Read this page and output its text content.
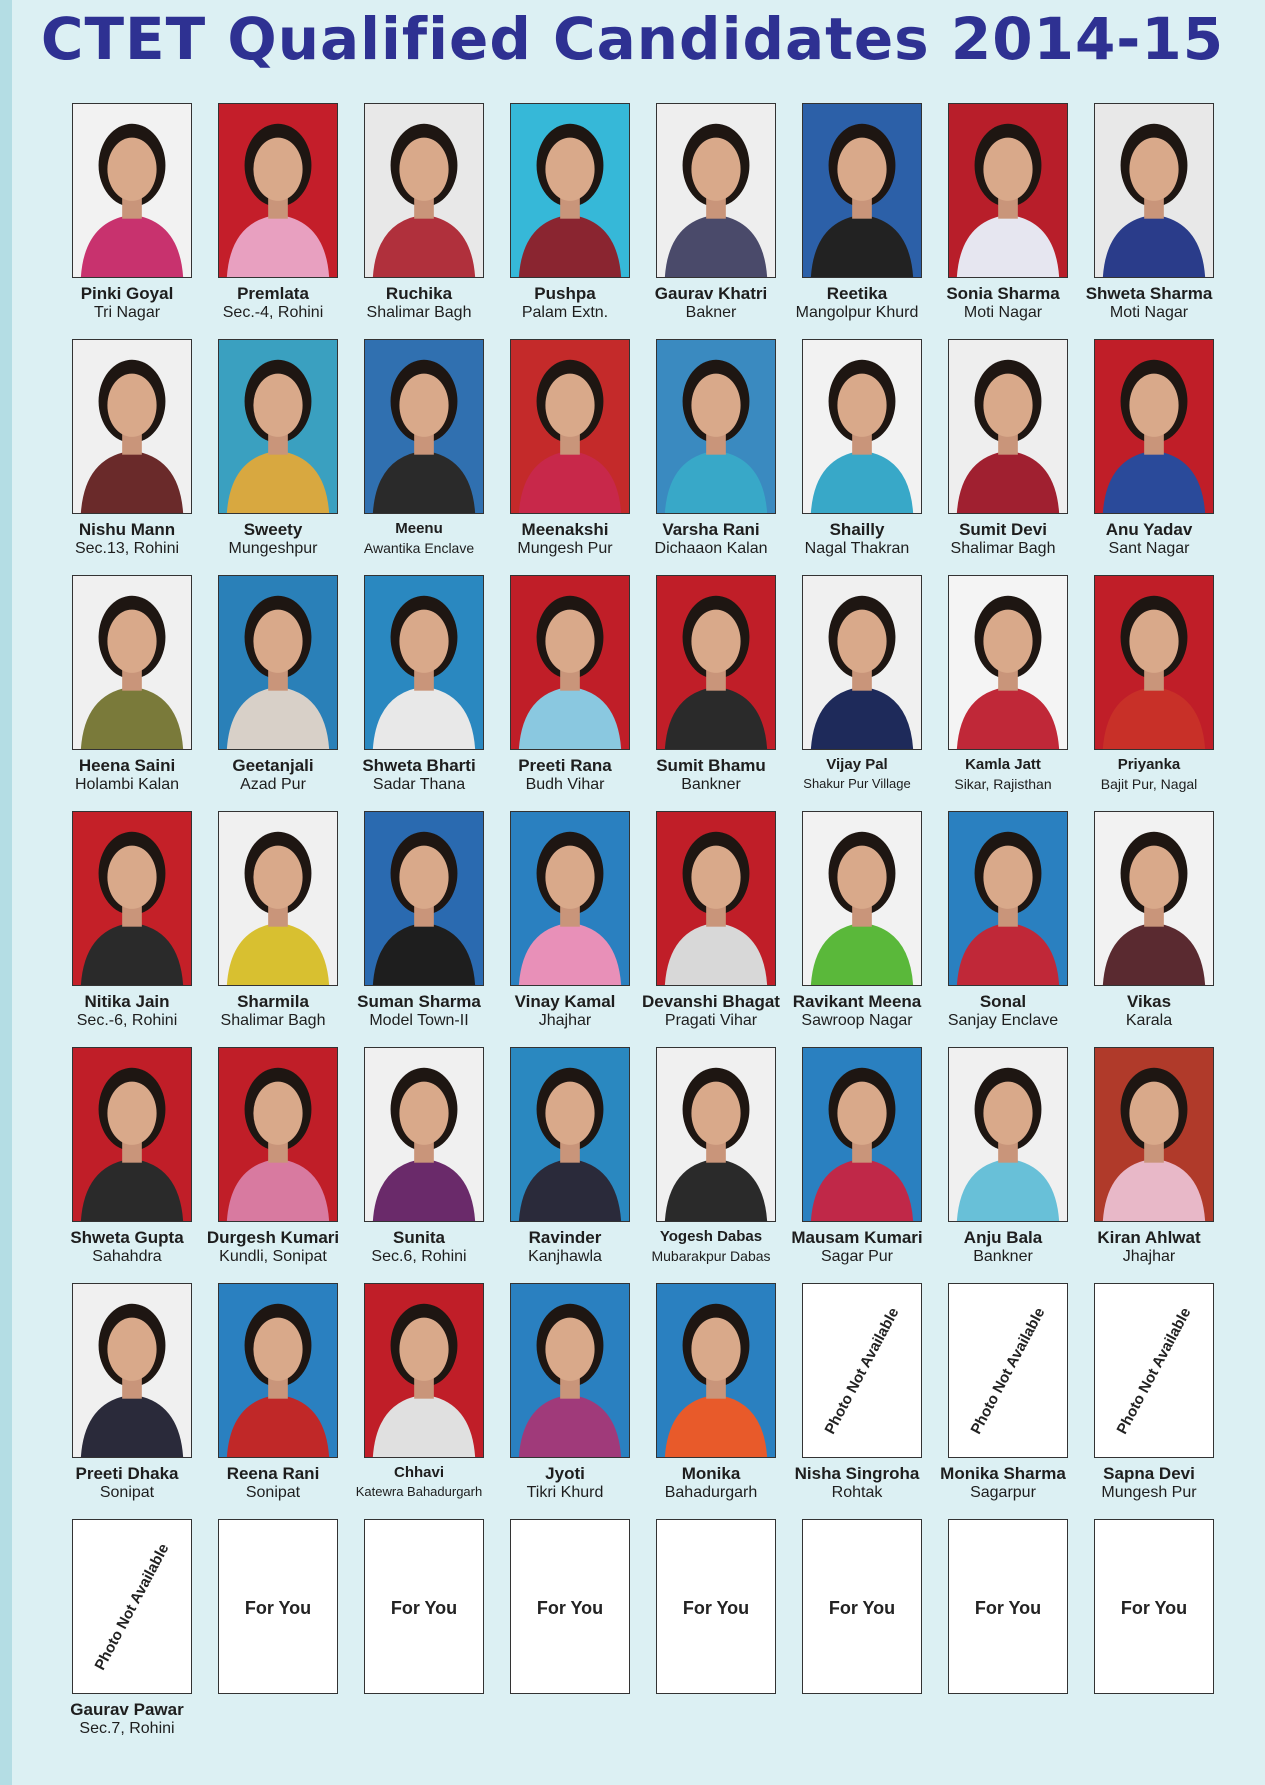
CTET Qualified Candidates 2014-15
Pinki Goyal
Tri Nagar
Premlata
Sec.-4, Rohini
Ruchika
Shalimar Bagh
Pushpa
Palam Extn.
Gaurav Khatri
Bakner
Reetika
Mangolpur Khurd
Sonia Sharma
Moti Nagar
Shweta Sharma
Moti Nagar
Nishu Mann
Sec.13, Rohini
Sweety
Mungeshpur
Meenu
Awantika Enclave
Meenakshi
Mungesh Pur
Varsha Rani
Dichaaon Kalan
Shailly
Nagal Thakran
Sumit Devi
Shalimar Bagh
Anu Yadav
Sant Nagar
Heena Saini
Holambi Kalan
Geetanjali
Azad Pur
Shweta Bharti
Sadar Thana
Preeti Rana
Budh Vihar
Sumit Bhamu
Bankner
Vijay Pal
Shakur Pur Village
Kamla Jatt
Sikar, Rajisthan
Priyanka
Bajit Pur, Nagal
Nitika Jain
Sec.-6, Rohini
Sharmila
Shalimar Bagh
Suman Sharma
Model Town-II
Vinay Kamal
Jhajhar
Devanshi Bhagat
Pragati Vihar
Ravikant Meena
Sawroop Nagar
Sonal
Sanjay Enclave
Vikas
Karala
Shweta Gupta
Sahahdra
Durgesh Kumari
Kundli, Sonipat
Sunita
Sec.6, Rohini
Ravinder
Kanjhawla
Yogesh Dabas
Mubarakpur Dabas
Mausam Kumari
Sagar Pur
Anju Bala
Bankner
Kiran Ahlwat
Jhajhar
Preeti Dhaka
Sonipat
Reena Rani
Sonipat
Chhavi
Katewra Bahadurgarh
Jyoti
Tikri Khurd
Monika
Bahadurgarh
Photo Not Available
Nisha Singroha
Rohtak
Photo Not Available
Monika Sharma
Sagarpur
Photo Not Available
Sapna Devi
Mungesh Pur
Photo Not Available
Gaurav Pawar
Sec.7, Rohini
For You	For You	For You	For You	For You	For You	For You
